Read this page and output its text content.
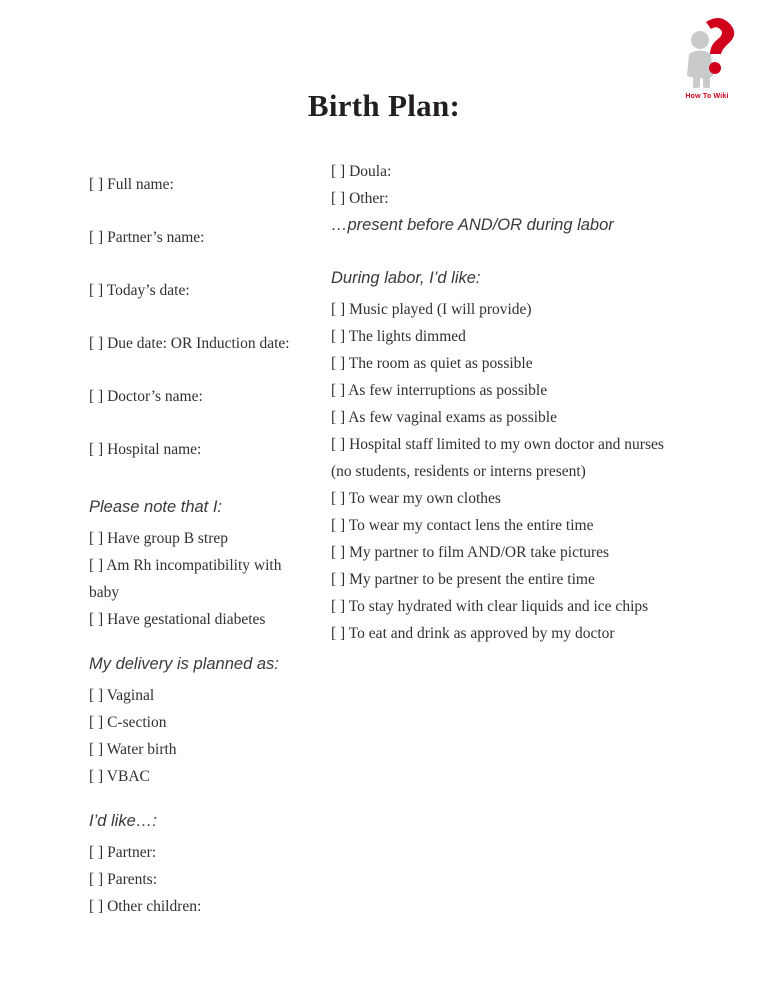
How To Wiki
Birth Plan:
[ ] Full name:
[ ] Partner’s name:
[ ] Today’s date:
[ ] Due date: OR Induction date:
[ ] Doctor’s name:
[ ] Hospital name:
Please note that I:
[ ] Have group B strep
[ ] Am Rh incompatibility with baby
[ ] Have gestational diabetes
My delivery is planned as:
[ ] Vaginal
[ ] C-section
[ ] Water birth
[ ] VBAC
I’d like…:
[ ] Partner:
[ ] Parents:
[ ] Other children:
[ ] Doula:
[ ] Other:
…present before AND/OR during labor
During labor, I’d like:
[ ] Music played (I will provide)
[ ] The lights dimmed
[ ] The room as quiet as possible
[ ] As few interruptions as possible
[ ] As few vaginal exams as possible
[ ] Hospital staff limited to my own doctor and nurses (no students, residents or interns present)
[ ] To wear my own clothes
[ ] To wear my contact lens the entire time
[ ] My partner to film AND/OR take pictures
[ ] My partner to be present the entire time
[ ] To stay hydrated with clear liquids and ice chips
[ ] To eat and drink as approved by my doctor
